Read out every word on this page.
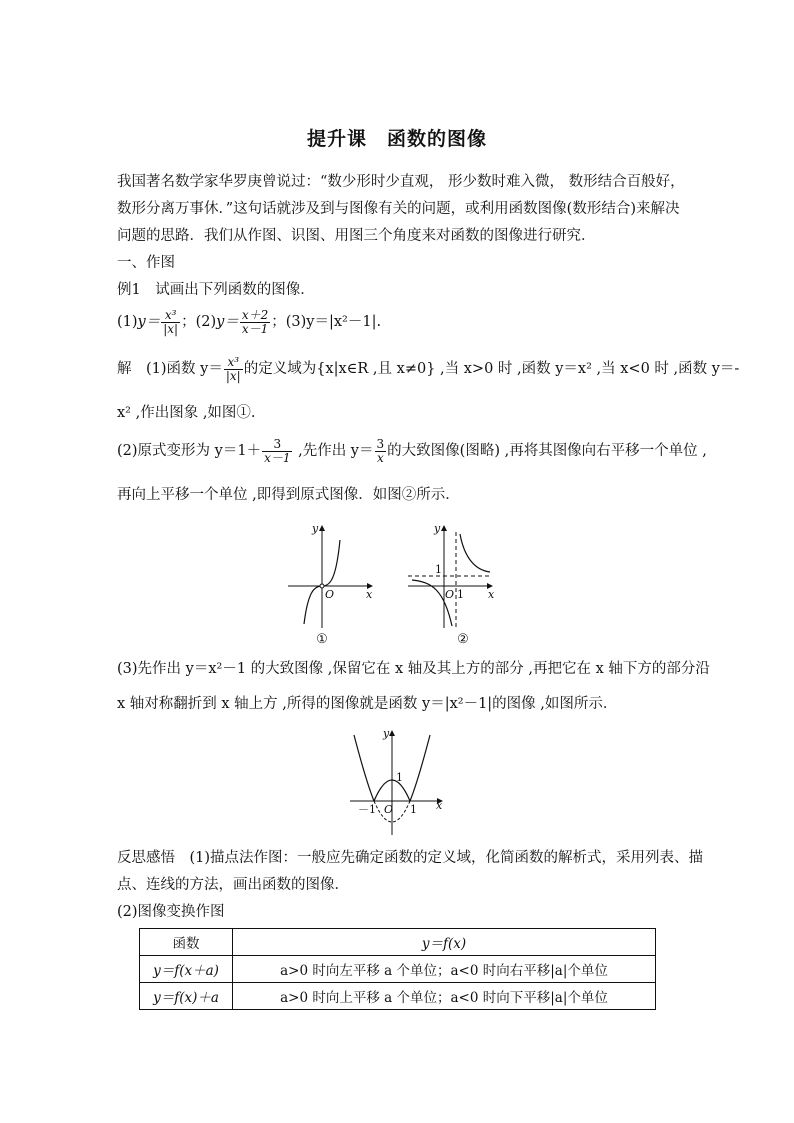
提升课　函数的图像
我国著名数学家华罗庚曾说过：“数少形时少直观， 形少数时难入微， 数形结合百般好，
数形分离万事休．”这句话就涉及到与图像有关的问题，或利用函数图像(数形结合)来解决
问题的思路．我们从作图、识图、用图三个角度来对函数的图像进行研究．
一、作图
例1　试画出下列函数的图像．
$(1)y= \frac{\text{x³}}{|x|}$ ；$(2)y= \frac{x+2}{x-1}$ ；(3)y＝|x²－1|.
解　(1)函数 $y= \frac{\text{x³}}{|x|}$ 的定义域为{x|x∈R ,且 x≠0} ,当 x>0 时 ,函数 y＝x² ,当 x<0 时 ,函数 y＝-
x² ,作出图象 ,如图①.
(2)原式变形为 $y=1+ \frac{3}{x-1}$ ,先作出 $y= \frac{3}{x}$ 的大致图像(图略) ,再将其图像向右平移一个单位 ,
再向上平移一个单位 ,即得到原式图像．如图②所示．
x
y
O
①
x
y
O 1
1
②
(3)先作出 y＝x²－1 的大致图像 ,保留它在 x 轴及其上方的部分 ,再把它在 x 轴下方的部分沿
x 轴对称翻折到 x 轴上方 ,所得的图像就是函数 y＝|x²－1|的图像 ,如图所示．
x
y
O
1
1
－1
反思感悟　(1)描点法作图：一般应先确定函数的定义域，化简函数的解析式，采用列表、描
点、连线的方法，画出函数的图像．
(2)图像变换作图
函数	y＝f(x)
y＝f(x＋a)	a>0 时向左平移 a 个单位；a<0 时向右平移|a|个单位
y＝f(x)＋a	a>0 时向上平移 a 个单位；a<0 时向下平移|a|个单位
